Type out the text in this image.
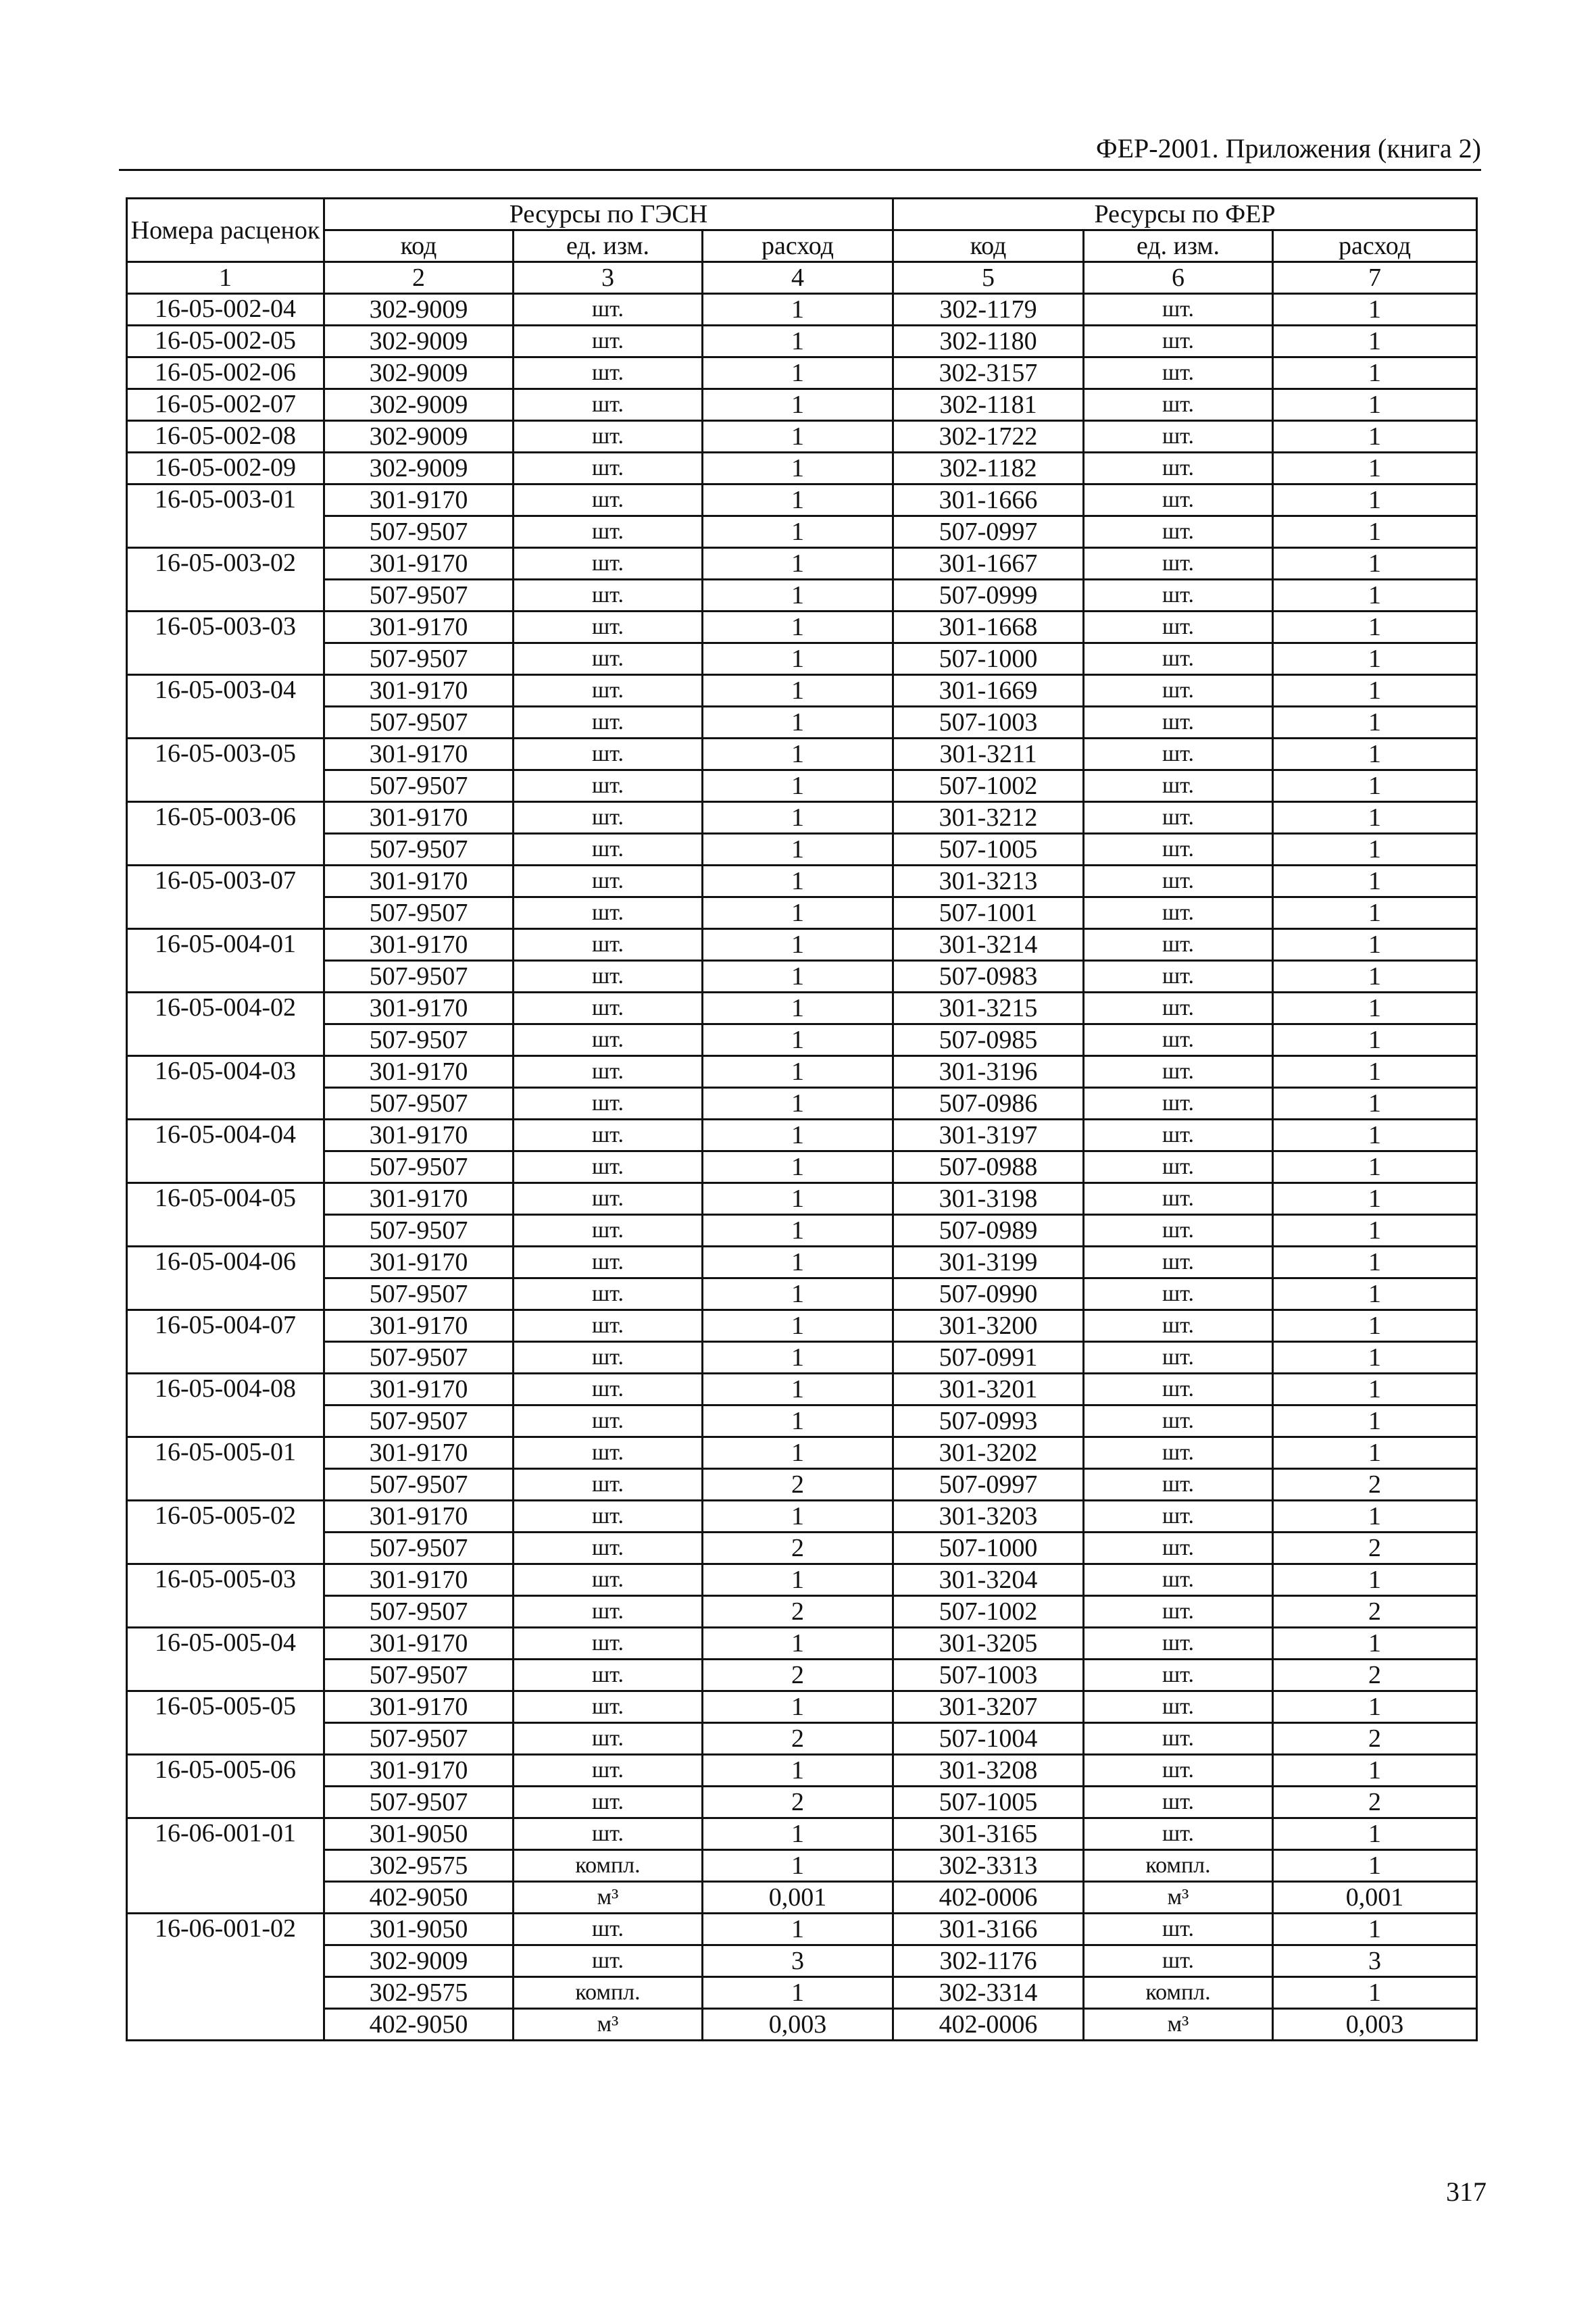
ФЕР-2001. Приложения (книга 2)
Номера расценок	Ресурсы по ГЭСН			Ресурсы по ФЕР		
	код	ед. изм.	расход	код	ед. изм.	расход
1	2	3	4	5	6	7
16-05-002-04	302-9009	шт.	1	302-1179	шт.	1
16-05-002-05	302-9009	шт.	1	302-1180	шт.	1
16-05-002-06	302-9009	шт.	1	302-3157	шт.	1
16-05-002-07	302-9009	шт.	1	302-1181	шт.	1
16-05-002-08	302-9009	шт.	1	302-1722	шт.	1
16-05-002-09	302-9009	шт.	1	302-1182	шт.	1
16-05-003-01	301-9170	шт.	1	301-1666	шт.	1
	507-9507	шт.	1	507-0997	шт.	1
16-05-003-02	301-9170	шт.	1	301-1667	шт.	1
	507-9507	шт.	1	507-0999	шт.	1
16-05-003-03	301-9170	шт.	1	301-1668	шт.	1
	507-9507	шт.	1	507-1000	шт.	1
16-05-003-04	301-9170	шт.	1	301-1669	шт.	1
	507-9507	шт.	1	507-1003	шт.	1
16-05-003-05	301-9170	шт.	1	301-3211	шт.	1
	507-9507	шт.	1	507-1002	шт.	1
16-05-003-06	301-9170	шт.	1	301-3212	шт.	1
	507-9507	шт.	1	507-1005	шт.	1
16-05-003-07	301-9170	шт.	1	301-3213	шт.	1
	507-9507	шт.	1	507-1001	шт.	1
16-05-004-01	301-9170	шт.	1	301-3214	шт.	1
	507-9507	шт.	1	507-0983	шт.	1
16-05-004-02	301-9170	шт.	1	301-3215	шт.	1
	507-9507	шт.	1	507-0985	шт.	1
16-05-004-03	301-9170	шт.	1	301-3196	шт.	1
	507-9507	шт.	1	507-0986	шт.	1
16-05-004-04	301-9170	шт.	1	301-3197	шт.	1
	507-9507	шт.	1	507-0988	шт.	1
16-05-004-05	301-9170	шт.	1	301-3198	шт.	1
	507-9507	шт.	1	507-0989	шт.	1
16-05-004-06	301-9170	шт.	1	301-3199	шт.	1
	507-9507	шт.	1	507-0990	шт.	1
16-05-004-07	301-9170	шт.	1	301-3200	шт.	1
	507-9507	шт.	1	507-0991	шт.	1
16-05-004-08	301-9170	шт.	1	301-3201	шт.	1
	507-9507	шт.	1	507-0993	шт.	1
16-05-005-01	301-9170	шт.	1	301-3202	шт.	1
	507-9507	шт.	2	507-0997	шт.	2
16-05-005-02	301-9170	шт.	1	301-3203	шт.	1
	507-9507	шт.	2	507-1000	шт.	2
16-05-005-03	301-9170	шт.	1	301-3204	шт.	1
	507-9507	шт.	2	507-1002	шт.	2
16-05-005-04	301-9170	шт.	1	301-3205	шт.	1
	507-9507	шт.	2	507-1003	шт.	2
16-05-005-05	301-9170	шт.	1	301-3207	шт.	1
	507-9507	шт.	2	507-1004	шт.	2
16-05-005-06	301-9170	шт.	1	301-3208	шт.	1
	507-9507	шт.	2	507-1005	шт.	2
16-06-001-01	301-9050	шт.	1	301-3165	шт.	1
	302-9575	компл.	1	302-3313	компл.	1
	402-9050	м³	0,001	402-0006	м³	0,001
16-06-001-02	301-9050	шт.	1	301-3166	шт.	1
	302-9009	шт.	3	302-1176	шт.	3
	302-9575	компл.	1	302-3314	компл.	1
	402-9050	м³	0,003	402-0006	м³	0,003
317
